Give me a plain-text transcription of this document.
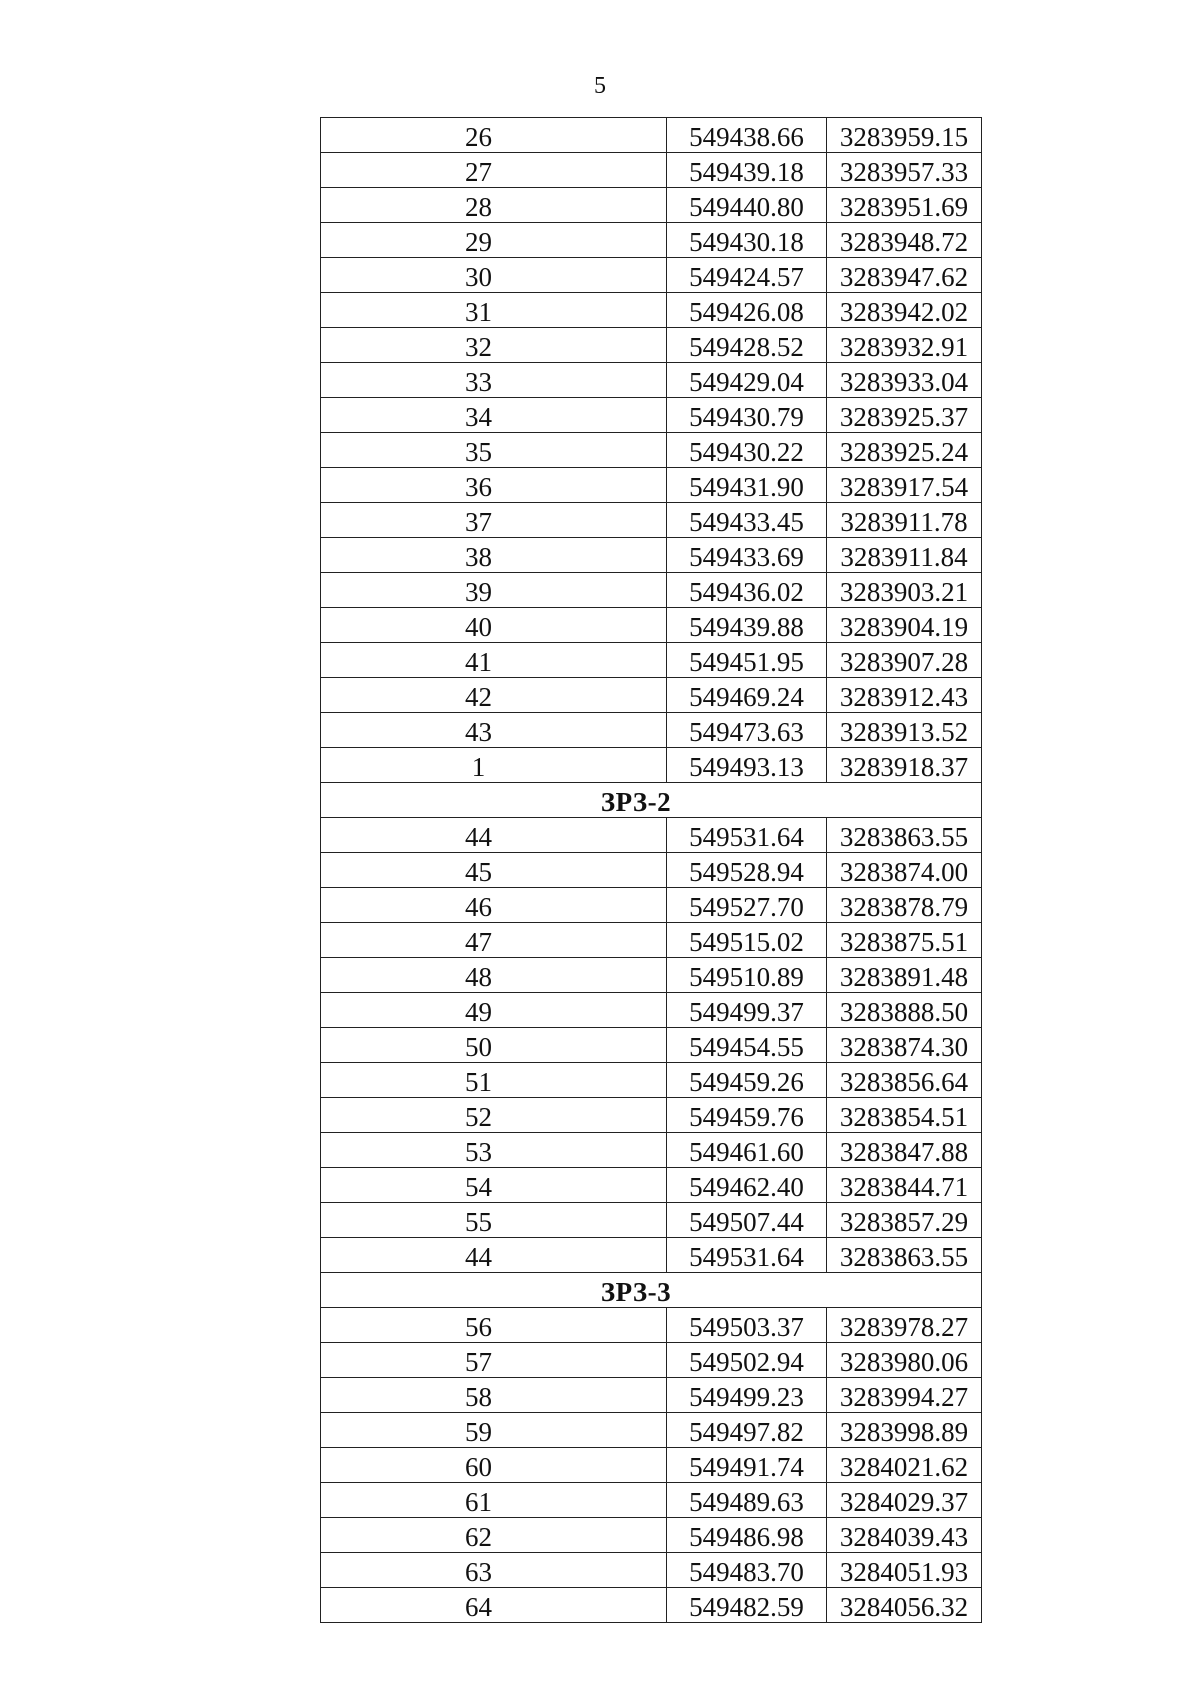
5
26	549438.66	3283959.15
27	549439.18	3283957.33
28	549440.80	3283951.69
29	549430.18	3283948.72
30	549424.57	3283947.62
31	549426.08	3283942.02
32	549428.52	3283932.91
33	549429.04	3283933.04
34	549430.79	3283925.37
35	549430.22	3283925.24
36	549431.90	3283917.54
37	549433.45	3283911.78
38	549433.69	3283911.84
39	549436.02	3283903.21
40	549439.88	3283904.19
41	549451.95	3283907.28
42	549469.24	3283912.43
43	549473.63	3283913.52
1	549493.13	3283918.37
ЗРЗ-2		
44	549531.64	3283863.55
45	549528.94	3283874.00
46	549527.70	3283878.79
47	549515.02	3283875.51
48	549510.89	3283891.48
49	549499.37	3283888.50
50	549454.55	3283874.30
51	549459.26	3283856.64
52	549459.76	3283854.51
53	549461.60	3283847.88
54	549462.40	3283844.71
55	549507.44	3283857.29
44	549531.64	3283863.55
ЗРЗ-3		
56	549503.37	3283978.27
57	549502.94	3283980.06
58	549499.23	3283994.27
59	549497.82	3283998.89
60	549491.74	3284021.62
61	549489.63	3284029.37
62	549486.98	3284039.43
63	549483.70	3284051.93
64	549482.59	3284056.32
